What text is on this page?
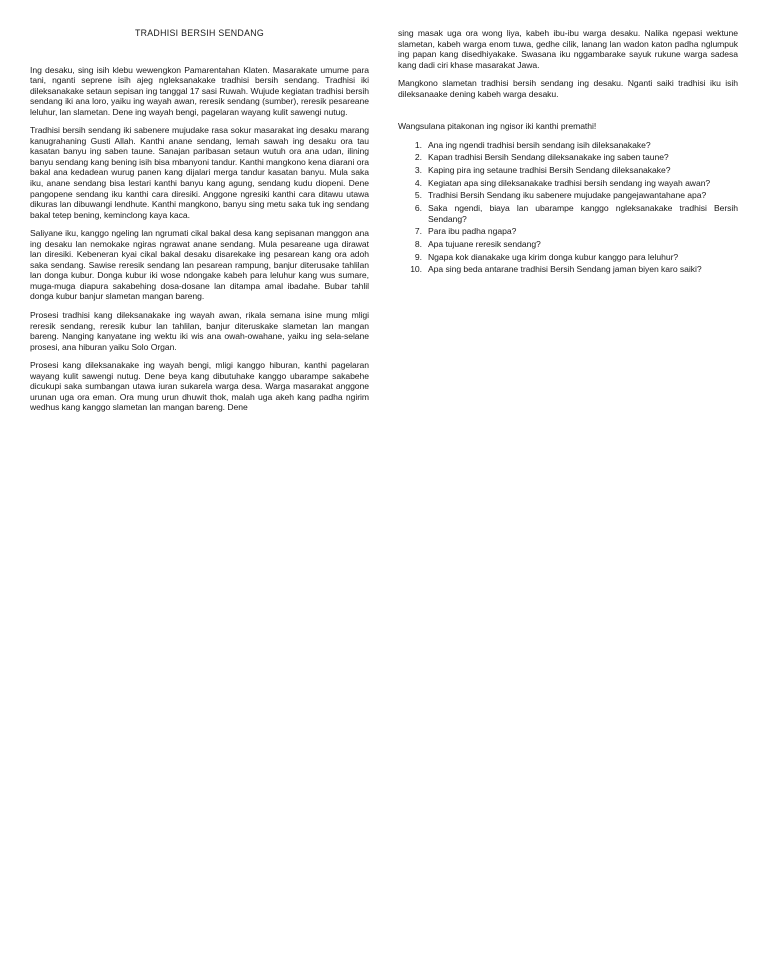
TRADHISI BERSIH SENDANG

Ing desaku, sing isih klebu wewengkon Pamarentahan Klaten. Masarakate umume para tani, nganti seprene isih ajeg ngleksanakake tradhisi bersih sendang. Tradhisi iki dileksanakake setaun sepisan ing tanggal 17 sasi Ruwah. Wujude kegiatan tradhisi bersih sendang iki ana loro, yaiku ing wayah awan, reresik sendang (sumber), reresik pesareane leluhur, lan slametan. Dene ing wayah bengi, pagelaran wayang kulit sawengi nutug.

Tradhisi bersih sendang iki sabenere mujudake rasa sokur masarakat ing desaku marang kanugrahaning Gusti Allah. Kanthi anane sendang, lemah sawah ing desaku ora tau kasatan banyu ing saben taune. Sanajan paribasan setaun wutuh ora ana udan, ilining banyu sendang kang bening isih bisa mbanyoni tandur. Kanthi mangkono kena diarani ora bakal ana kedadean wurug panen kang dijalari merga tandur kasatan banyu. Mula saka iku, anane sendang bisa lestari kanthi banyu kang agung, sendang kudu diopeni. Dene pangopene sendang iku kanthi cara diresiki. Anggone ngresiki kanthi cara ditawu utawa dikuras lan dibuwangi lendhute. Kanthi mangkono, banyu sing metu saka tuk ing sendang bakal tetep bening, keminclong kaya kaca.

Saliyane iku, kanggo ngeling lan ngrumati cikal bakal desa kang sepisanan manggon ana ing desaku lan nemokake ngiras ngrawat anane sendang. Mula pesareane uga dirawat lan diresiki. Kebeneran kyai cikal bakal desaku disarekake ing pesarean kang ora adoh saka sendang. Sawise reresik sendang lan pesarean rampung, banjur diterusake tahlilan lan donga kubur. Donga kubur iki wose ndongake kabeh para leluhur kang wus sumare, muga-muga diapura sakabehing dosa-dosane lan ditampa amal ibadahe. Bubar tahlil donga kubur banjur slametan mangan bareng.

Prosesi tradhisi kang dileksanakake ing wayah awan, rikala semana isine mung mligi reresik sendang, reresik kubur lan tahlilan, banjur diteruskake slametan lan mangan bareng. Nanging kanyatane ing wektu iki wis ana owah-owahane, yaiku ing sela-selane prosesi, ana hiburan yaiku Solo Organ.

Prosesi kang dileksanakake ing wayah bengi, mligi kanggo hiburan, kanthi pagelaran wayang kulit sawengi nutug. Dene beya kang dibutuhake kanggo ubarampe sakabehe dicukupi saka sumbangan utawa iuran sukarela warga desa. Warga masarakat anggone urunan uga ora eman. Ora mung urun dhuwit thok, malah uga akeh kang padha ngirim wedhus kang kanggo slametan lan mangan bareng. Dene

sing masak uga ora wong liya, kabeh ibu-ibu warga desaku. Nalika ngepasi wektune slametan, kabeh warga enom tuwa, gedhe cilik, lanang lan wadon katon padha nglumpuk ing papan kang disedhiyakake. Swasana iku nggambarake sayuk rukune warga sadesa kang dadi ciri khase masarakat Jawa.

Mangkono slametan tradhisi bersih sendang ing desaku. Nganti saiki tradhisi iku isih dileksanaake dening kabeh warga desaku.

Wangsulana pitakonan ing ngisor iki kanthi premathi!
1. Ana ing ngendi tradhisi bersih sendang isih dileksanakake?
2. Kapan tradhisi Bersih Sendang dileksanakake ing saben taune?
3. Kaping pira ing setaune tradhisi Bersih Sendang dileksanakake?
4. Kegiatan apa sing dileksanakake tradhisi bersih sendang ing wayah awan?
5. Tradhisi Bersih Sendang iku sabenere mujudake pangejawantahane apa?
6. Saka ngendi, biaya lan ubarampe kanggo ngleksanakake tradhisi Bersih Sendang?
7. Para ibu padha ngapa?
8. Apa tujuane reresik sendang?
9. Ngapa kok dianakake uga kirim donga kubur kanggo para leluhur?
10. Apa sing beda antarane tradhisi Bersih Sendang jaman biyen karo saiki?
